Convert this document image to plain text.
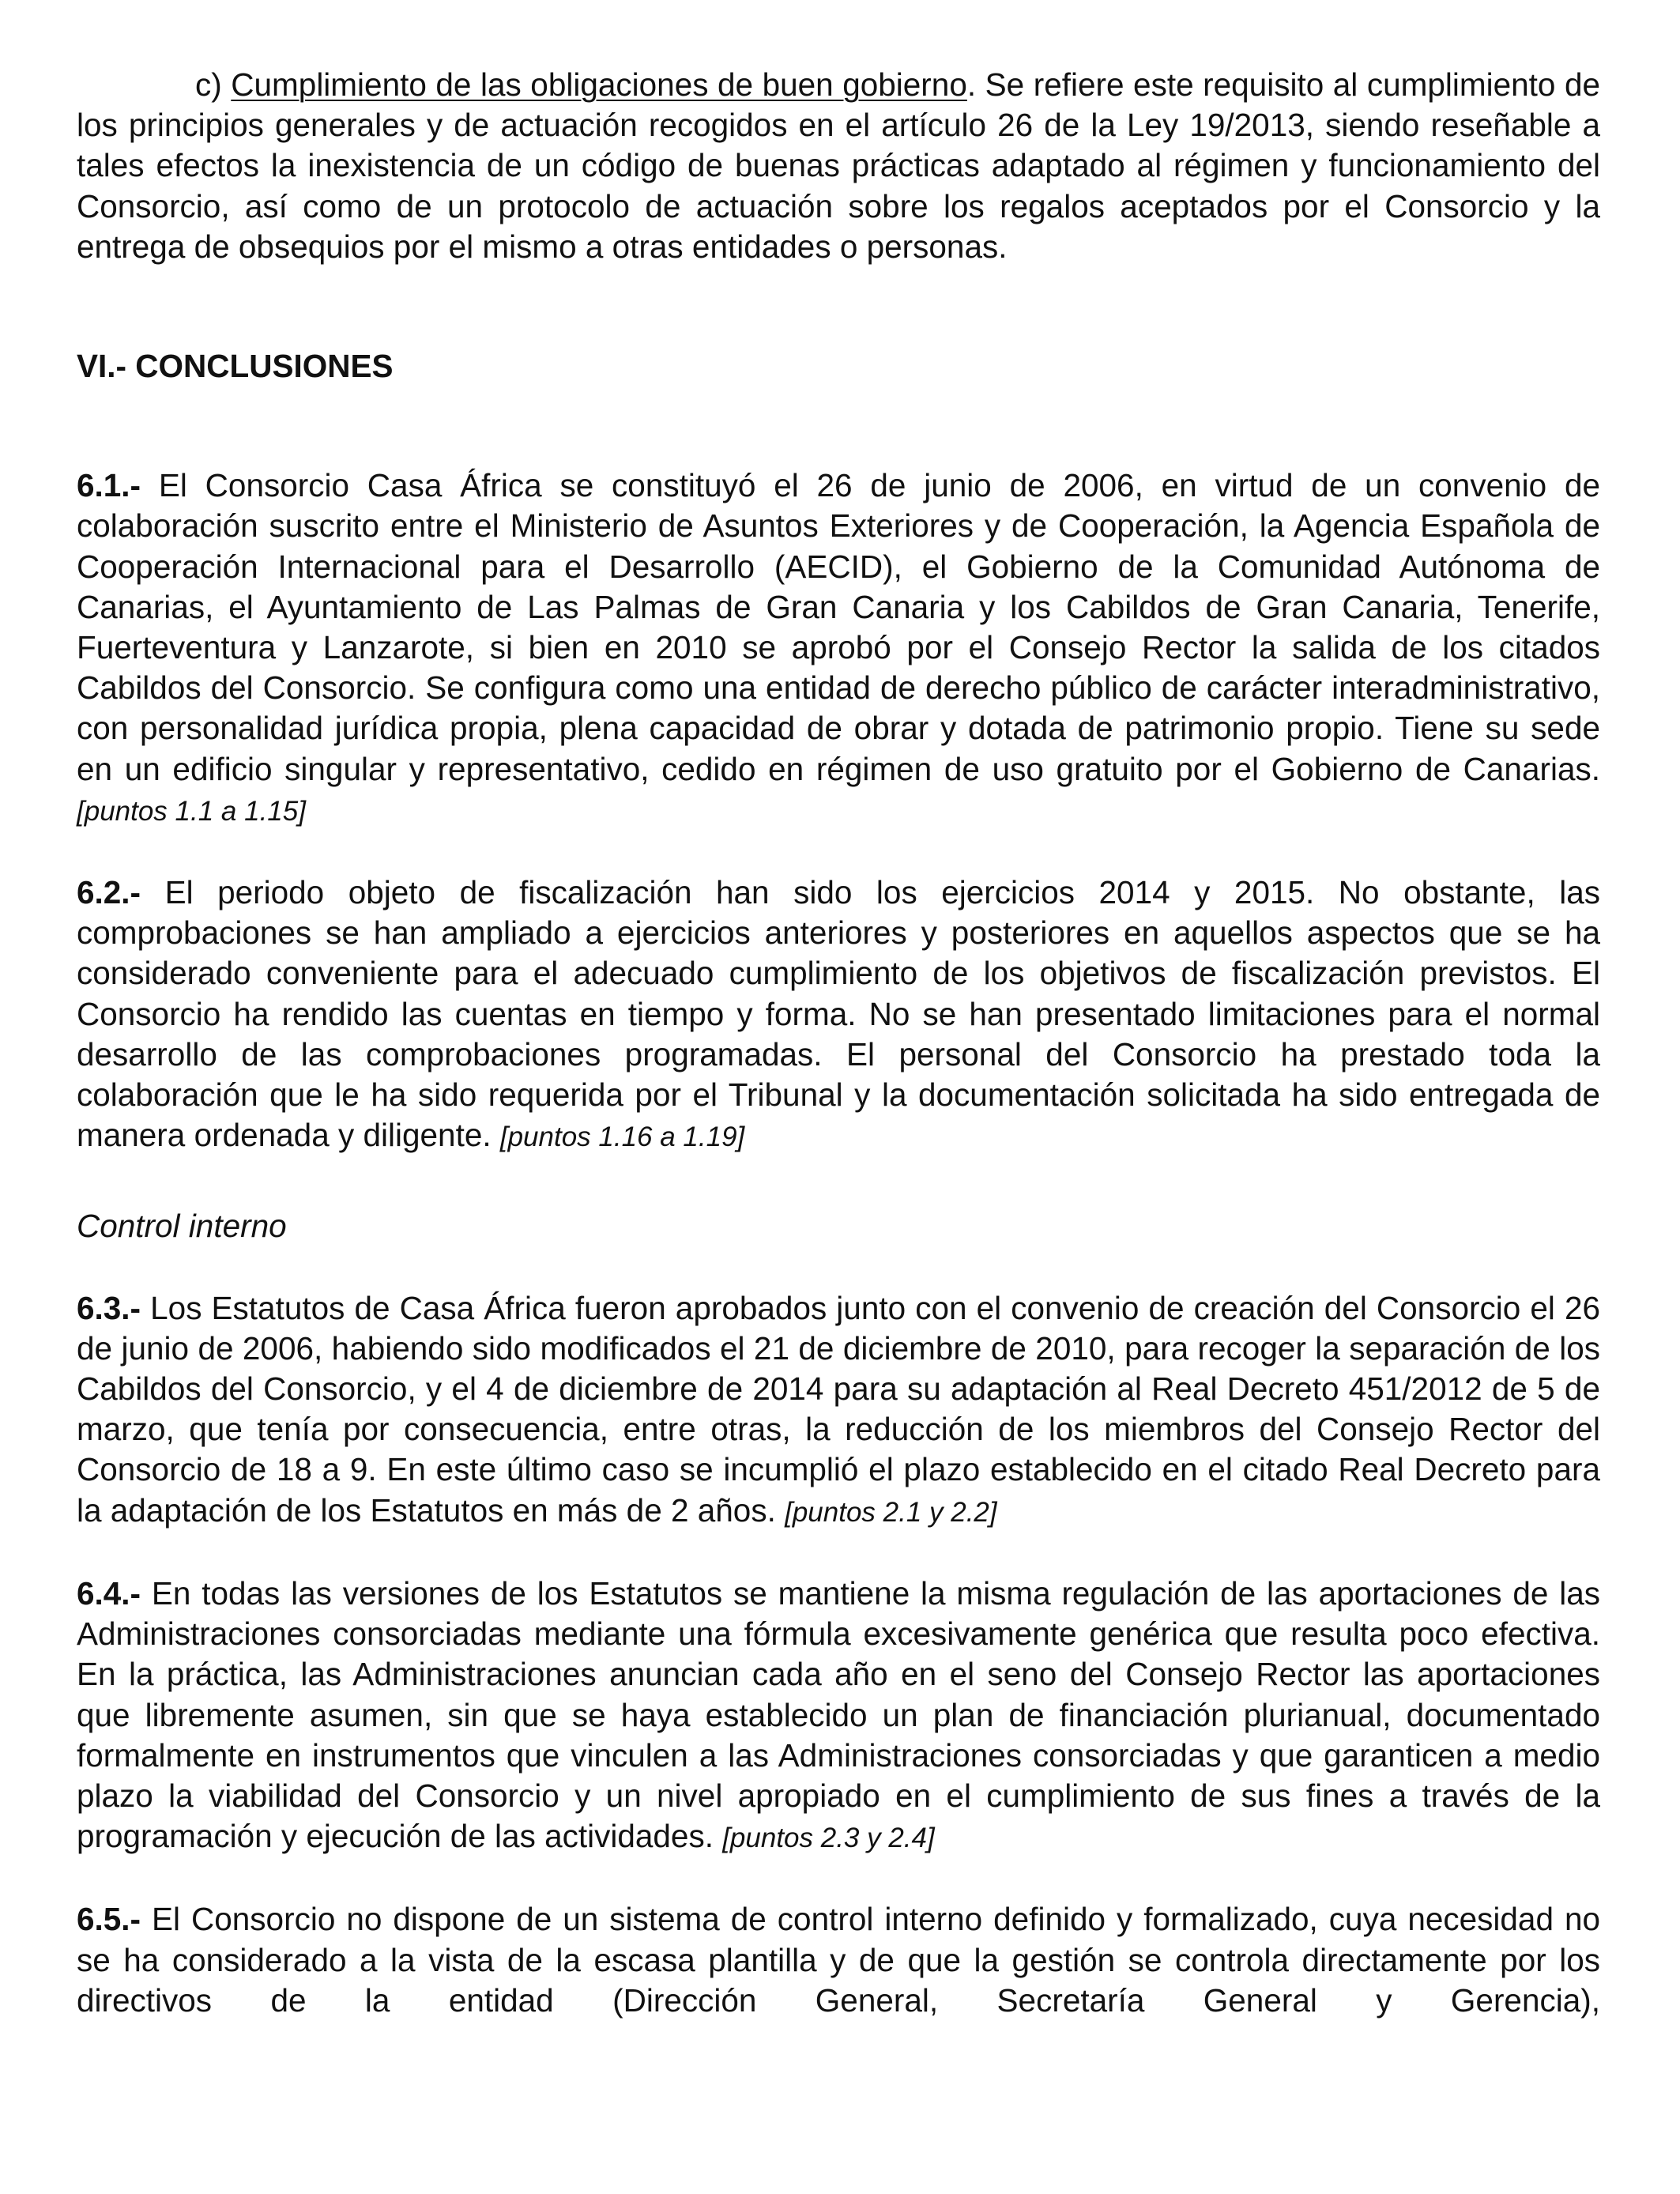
c) Cumplimiento de las obligaciones de buen gobierno. Se refiere este requisito al cumplimiento de los principios generales y de actuación recogidos en el artículo 26 de la Ley 19/2013, siendo reseñable a tales efectos la inexistencia de un código de buenas prácticas adaptado al régimen y funcionamiento del Consorcio, así como de un protocolo de actuación sobre los regalos aceptados por el Consorcio y la entrega de obsequios por el mismo a otras entidades o personas.

VI.- CONCLUSIONES

6.1.- El Consorcio Casa África se constituyó el 26 de junio de 2006, en virtud de un convenio de colaboración suscrito entre el Ministerio de Asuntos Exteriores y de Cooperación, la Agencia Española de Cooperación Internacional para el Desarrollo (AECID), el Gobierno de la Comunidad Autónoma de Canarias, el Ayuntamiento de Las Palmas de Gran Canaria y los Cabildos de Gran Canaria, Tenerife, Fuerteventura y Lanzarote, si bien en 2010 se aprobó por el Consejo Rector la salida de los citados Cabildos del Consorcio. Se configura como una entidad de derecho público de carácter interadministrativo, con personalidad jurídica propia, plena capacidad de obrar y dotada de patrimonio propio. Tiene su sede en un edificio singular y representativo, cedido en régimen de uso gratuito por el Gobierno de Canarias. [puntos 1.1 a 1.15]

6.2.- El periodo objeto de fiscalización han sido los ejercicios 2014 y 2015. No obstante, las comprobaciones se han ampliado a ejercicios anteriores y posteriores en aquellos aspectos que se ha considerado conveniente para el adecuado cumplimiento de los objetivos de fiscalización previstos. El Consorcio ha rendido las cuentas en tiempo y forma. No se han presentado limitaciones para el normal desarrollo de las comprobaciones programadas. El personal del Consorcio ha prestado toda la colaboración que le ha sido requerida por el Tribunal y la documentación solicitada ha sido entregada de manera ordenada y diligente. [puntos 1.16 a 1.19]

Control interno

6.3.- Los Estatutos de Casa África fueron aprobados junto con el convenio de creación del Consorcio el 26 de junio de 2006, habiendo sido modificados el 21 de diciembre de 2010, para recoger la separación de los Cabildos del Consorcio, y el 4 de diciembre de 2014 para su adaptación al Real Decreto 451/2012 de 5 de marzo, que tenía por consecuencia, entre otras, la reducción de los miembros del Consejo Rector del Consorcio de 18 a 9. En este último caso se incumplió el plazo establecido en el citado Real Decreto para la adaptación de los Estatutos en más de 2 años. [puntos 2.1 y 2.2]

6.4.- En todas las versiones de los Estatutos se mantiene la misma regulación de las aportaciones de las Administraciones consorciadas mediante una fórmula excesivamente genérica que resulta poco efectiva. En la práctica, las Administraciones anuncian cada año en el seno del Consejo Rector las aportaciones que libremente asumen, sin que se haya establecido un plan de financiación plurianual, documentado formalmente en instrumentos que vinculen a las Administraciones consorciadas y que garanticen a medio plazo la viabilidad del Consorcio y un nivel apropiado en el cumplimiento de sus fines a través de la programación y ejecución de las actividades. [puntos 2.3 y 2.4]

6.5.- El Consorcio no dispone de un sistema de control interno definido y formalizado, cuya necesidad no se ha considerado a la vista de la escasa plantilla y de que la gestión se controla directamente por los directivos de la entidad (Dirección General, Secretaría General y Gerencia),
